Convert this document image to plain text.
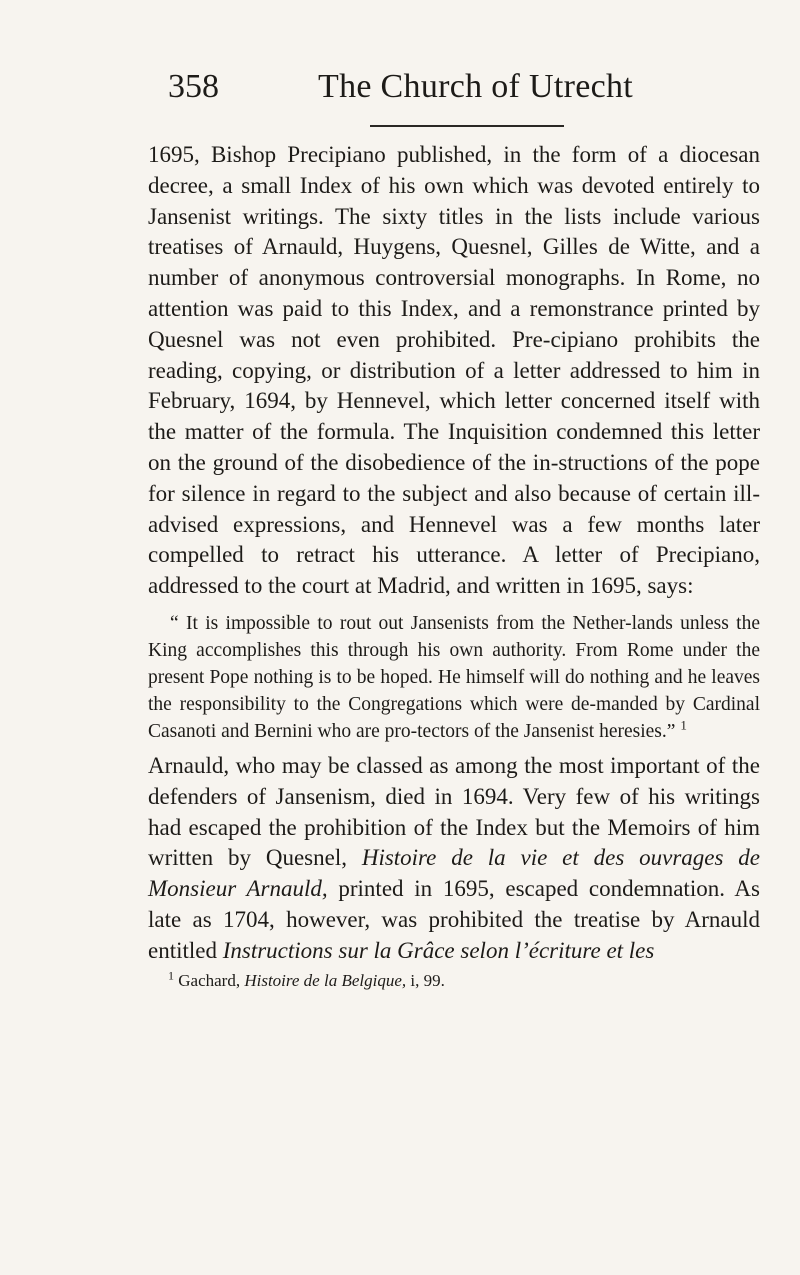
358	The Church of Utrecht

1695, Bishop Precipiano published, in the form of a diocesan decree, a small Index of his own which was devoted entirely to Jansenist writings. The sixty titles in the lists include various treatises of Arnauld, Huygens, Quesnel, Gilles de Witte, and a number of anonymous controversial monographs. In Rome, no attention was paid to this Index, and a remonstrance printed by Quesnel was not even prohibited. Pre-cipiano prohibits the reading, copying, or distribution of a letter addressed to him in February, 1694, by Hennevel, which letter concerned itself with the matter of the formula. The Inquisition condemned this letter on the ground of the disobedience of the in-structions of the pope for silence in regard to the subject and also because of certain ill-advised expressions, and Hennevel was a few months later compelled to retract his utterance. A letter of Precipiano, addressed to the court at Madrid, and written in 1695, says:

“ It is impossible to rout out Jansenists from the Nether-lands unless the King accomplishes this through his own authority. From Rome under the present Pope nothing is to be hoped. He himself will do nothing and he leaves the responsibility to the Congregations which were de-manded by Cardinal Casanoti and Bernini who are pro-tectors of the Jansenist heresies.” $^1$

Arnauld, who may be classed as among the most important of the defenders of Jansenism, died in 1694. Very few of his writings had escaped the prohibition of the Index but the Memoirs of him written by Quesnel, Histoire de la vie et des ouvrages de Monsieur Arnauld, printed in 1695, escaped condemnation. As late as 1704, however, was prohibited the treatise by Arnauld entitled Instructions sur la Grâce selon l’écriture et les

$^1$ Gachard, Histoire de la Belgique, i, 99.
